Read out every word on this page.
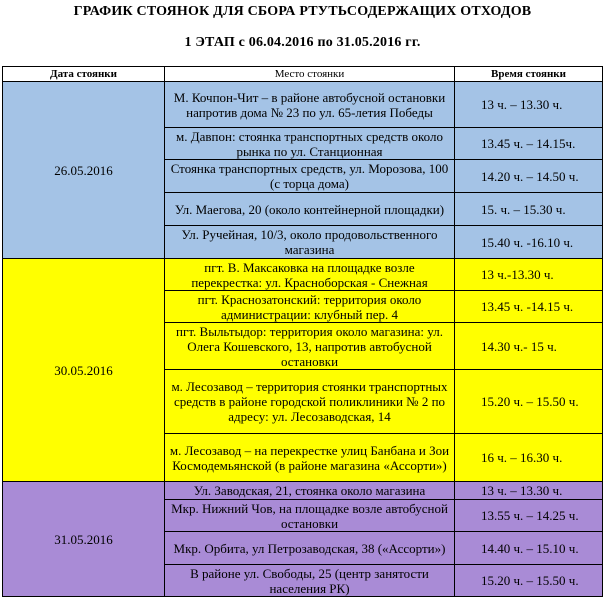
ГРАФИК СТОЯНОК ДЛЯ СБОРА РТУТЬСОДЕРЖАЩИХ ОТХОДОВ
1 ЭТАП с 06.04.2016 по 31.05.2016 гг.
Дата стоянки	Место стоянки	Время стоянки
26.05.2016	М. Кочпон-Чит – в районе автобусной остановки напротив дома № 23 по ул. 65-летия Победы	13 ч. – 13.30 ч.
	м. Давпон: стоянка транспортных средств около рынка по ул. Станционная	13.45 ч. – 14.15ч.
	Стоянка транспортных средств, ул. Морозова, 100 (с торца дома)	14.20 ч. – 14.50 ч.
	Ул. Маегова, 20 (около контейнерной площадки)	15. ч. – 15.30 ч.
	Ул. Ручейная, 10/3, около продовольственного магазина	15.40 ч. -16.10 ч.
30.05.2016	пгт. В. Максаковка на площадке возле перекрестка: ул. Красноборская - Снежная	13 ч.-13.30 ч.
	пгт. Краснозатонский: территория около администрации: клубный пер. 4	13.45 ч. -14.15 ч.
	пгт. Выльтыдор: территория около магазина: ул. Олега Кошевского, 13, напротив автобусной остановки	14.30 ч.- 15 ч.
	м. Лесозавод – территория стоянки транспортных средств в районе городской поликлиники № 2 по адресу: ул. Лесозаводская, 14	15.20 ч. – 15.50 ч.
	м. Лесозавод – на перекрестке улиц Банбана и Зои Космодемьянской (в районе магазина «Ассорти»)	16 ч. – 16.30 ч.
31.05.2016	Ул. Заводская, 21, стоянка около магазина	13 ч. – 13.30 ч.
	Мкр. Нижний Чов, на площадке возле автобусной остановки	13.55 ч. – 14.25 ч.
	Мкр. Орбита, ул Петрозаводская, 38 («Ассорти»)	14.40 ч. – 15.10 ч.
	В районе ул. Свободы, 25 (центр занятости населения РК)	15.20 ч. – 15.50 ч.
